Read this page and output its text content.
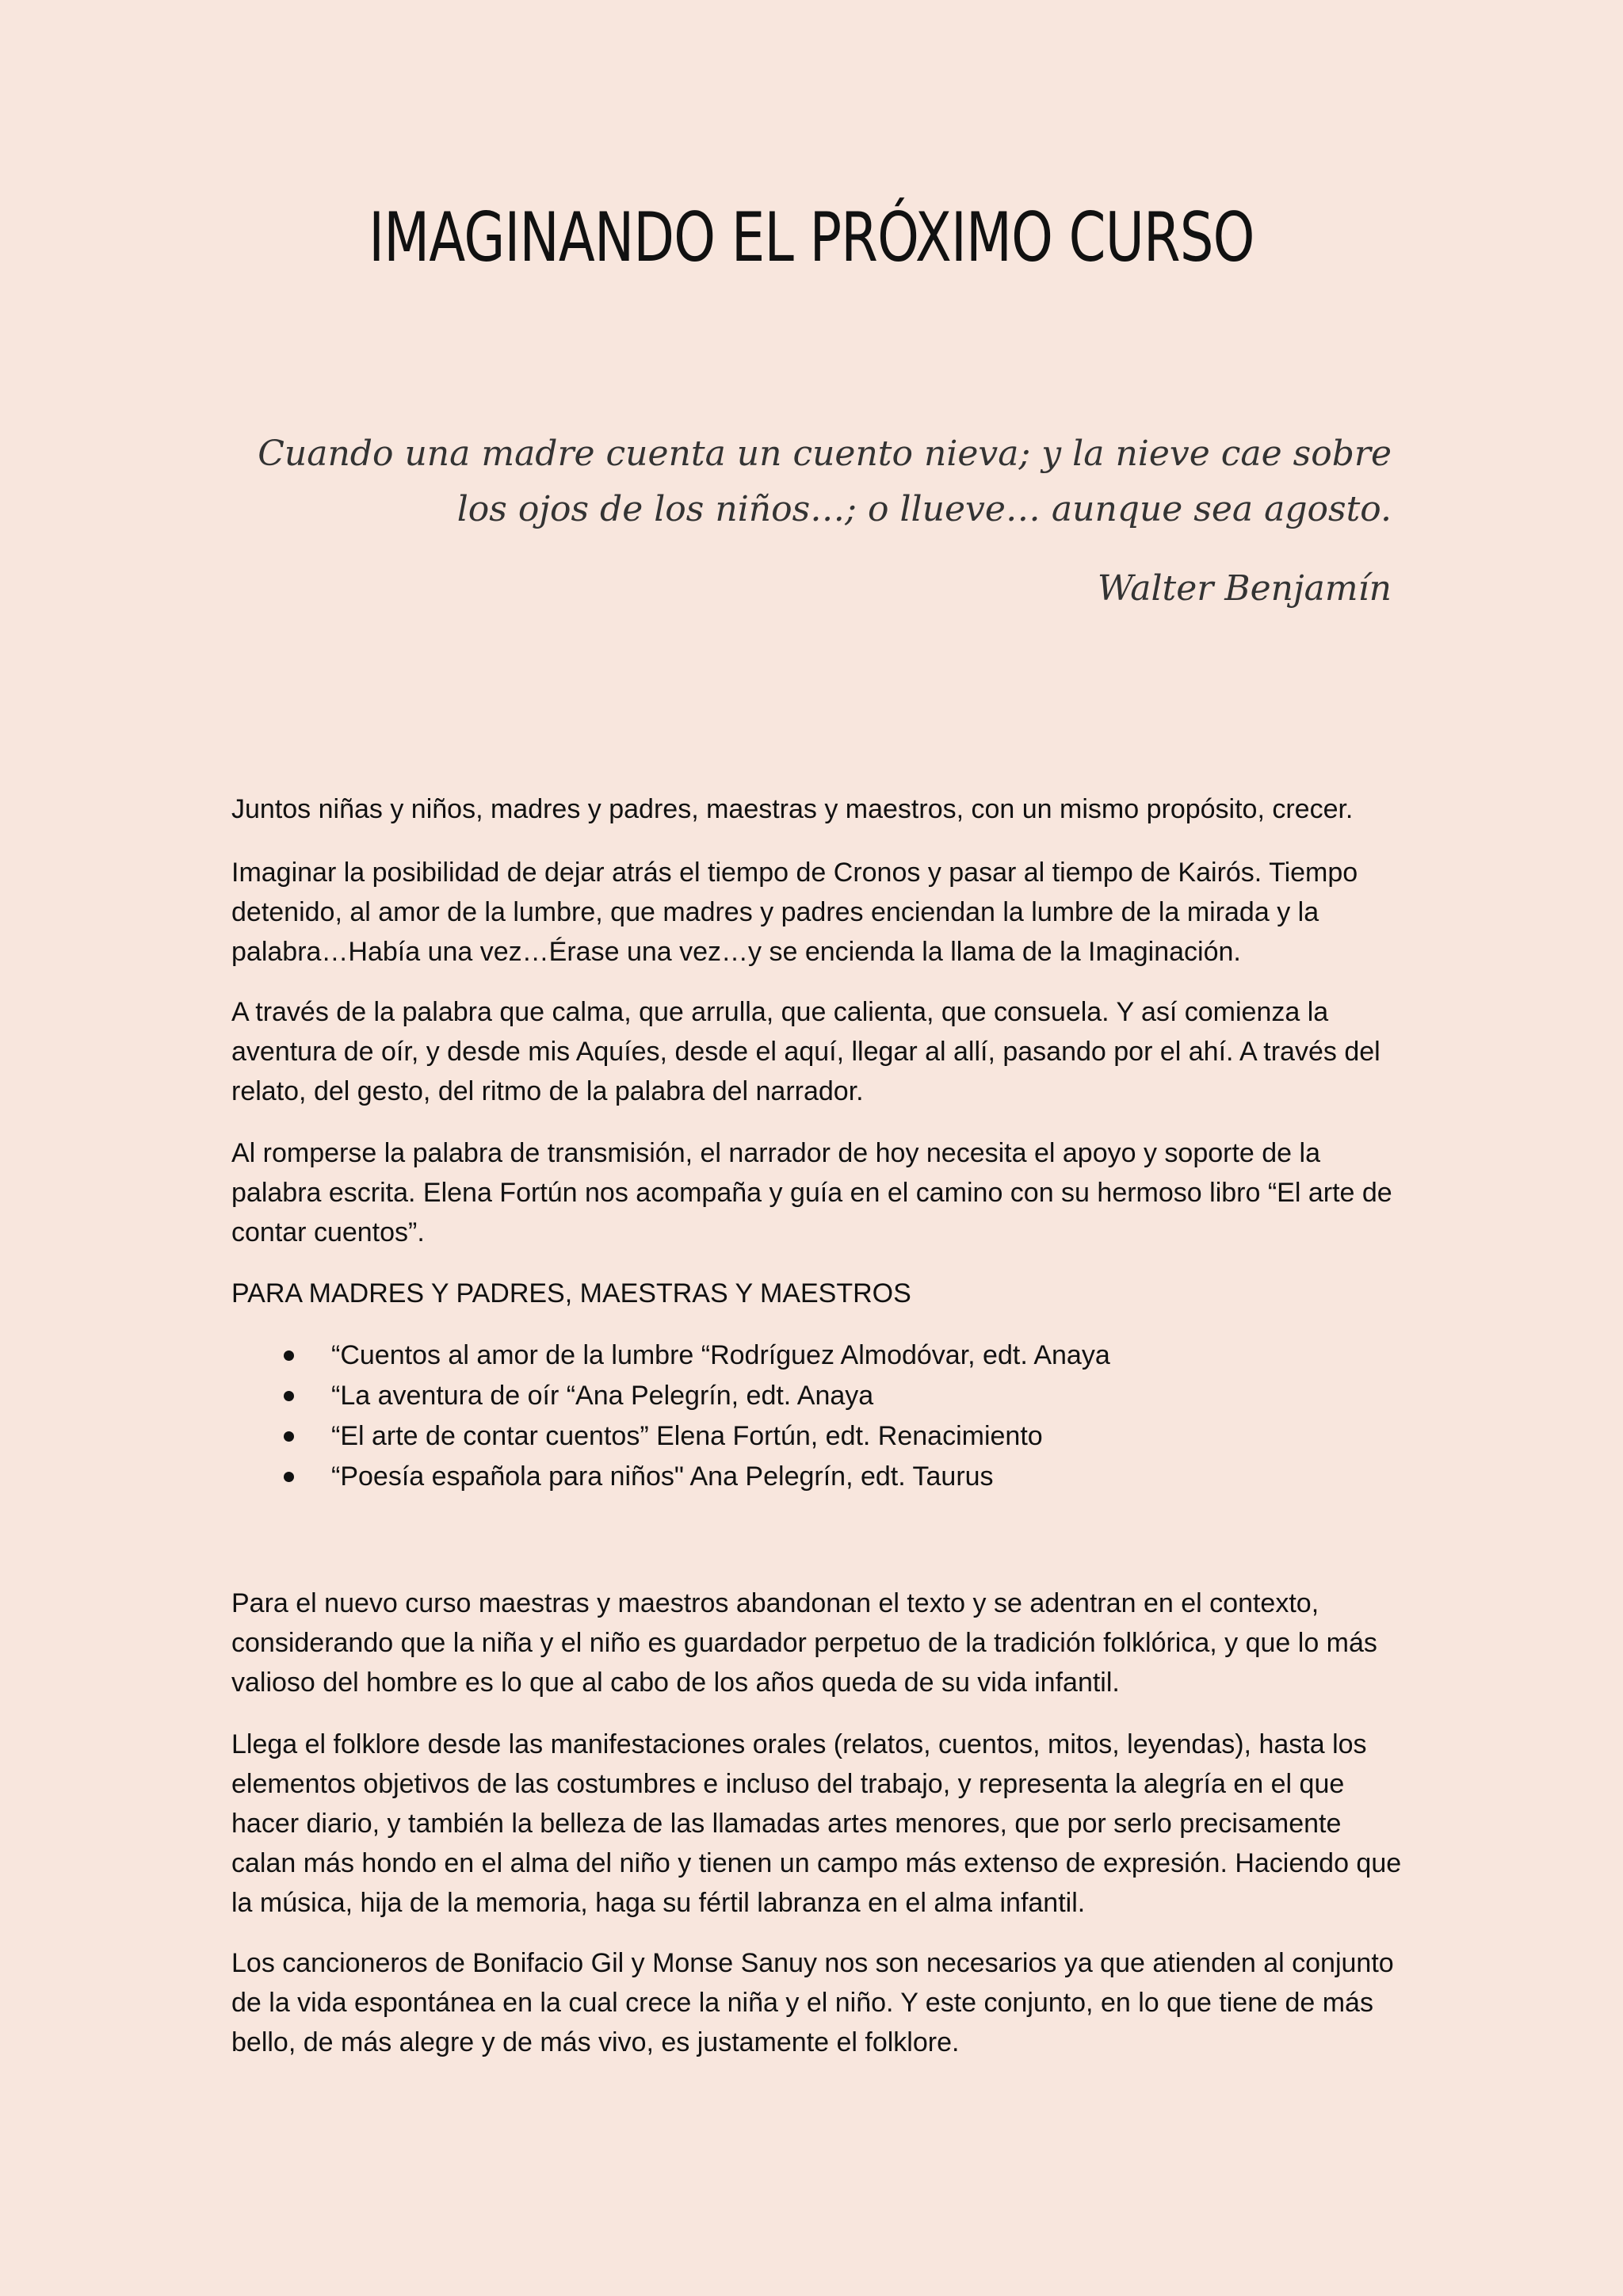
IMAGINANDO EL PRÓXIMO CURSO
Cuando una madre cuenta un cuento nieva; y la nieve cae sobre
los ojos de los niños…; o llueve… aunque sea agosto.
Walter Benjamín

Juntos niñas y niños, madres y padres, maestras y maestros, con un mismo propósito, crecer.

Imaginar la posibilidad de dejar atrás el tiempo de Cronos y pasar al tiempo de Kairós. Tiempo detenido, al amor de la lumbre, que madres y padres enciendan la lumbre de la mirada y la palabra…Había una vez…Érase una vez…y se encienda la llama de la Imaginación.

A través de la palabra que calma, que arrulla, que calienta, que consuela. Y así comienza la aventura de oír, y desde mis Aquíes, desde el aquí, llegar al allí, pasando por el ahí. A través del relato, del gesto, del ritmo de la palabra del narrador.

Al romperse la palabra de transmisión, el narrador de hoy necesita el apoyo y soporte de la palabra escrita. Elena Fortún nos acompaña y guía en el camino con su hermoso libro “El arte de contar cuentos”.

PARA MADRES Y PADRES, MAESTRAS Y MAESTROS

“Cuentos al amor de la lumbre “Rodríguez Almodóvar, edt. Anaya
“La aventura de oír “Ana Pelegrín, edt. Anaya
“El arte de contar cuentos” Elena Fortún, edt. Renacimiento
“Poesía española para niños" Ana Pelegrín, edt. Taurus

Para el nuevo curso maestras y maestros abandonan el texto y se adentran en el contexto, considerando que la niña y el niño es guardador perpetuo de la tradición folklórica, y que lo más valioso del hombre es lo que al cabo de los años queda de su vida infantil.

Llega el folklore desde las manifestaciones orales (relatos, cuentos, mitos, leyendas), hasta los elementos objetivos de las costumbres e incluso del trabajo, y representa la alegría en el que hacer diario, y también la belleza de las llamadas artes menores, que por serlo precisamente calan más hondo en el alma del niño y tienen un campo más extenso de expresión. Haciendo que la música, hija de la memoria, haga su fértil labranza en el alma infantil.

Los cancioneros de Bonifacio Gil y Monse Sanuy nos son necesarios ya que atienden al conjunto de la vida espontánea en la cual crece la niña y el niño. Y este conjunto, en lo que tiene de más bello, de más alegre y de más vivo, es justamente el folklore.
